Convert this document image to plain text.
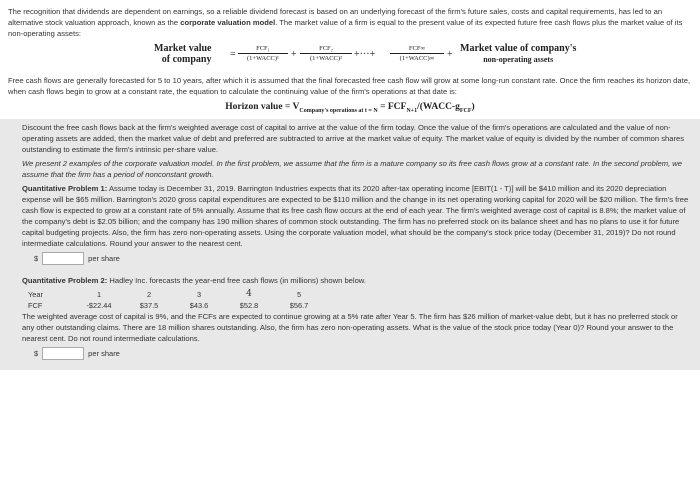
The recognition that dividends are dependent on earnings, so a reliable dividend forecast is based on an underlying forecast of the firm's future sales, costs and capital requirements, has led to an alternative stock valuation approach, known as the corporate valuation model. The market value of a firm is equal to the present value of its expected future free cash flows plus the market value of its non-operating assets:

Market value
of company =
FCF₁
(1+WACC)¹	+
FCF₂
(1+WACC)²	+···+
FCF∞
(1+WACC)∞	+
Market value of company's
non-operating assets

Free cash flows are generally forecasted for 5 to 10 years, after which it is assumed that the final forecasted free cash flow will grow at some long-run constant rate. Once the firm reaches its horizon date, when cash flows begin to grow at a constant rate, the equation to calculate the continuing value of the firm's operations at that date is:

Horizon value = $V_{Company's operations at t = N}$ = $FCF_{N+1}/(WACC-g_{FCF})$

Discount the free cash flows back at the firm's weighted average cost of capital to arrive at the value of the firm today. Once the value of the firm's operations are calculated and the value of non-operating assets are added, then the market value of debt and preferred are subtracted to arrive at the market value of equity. The market value of equity is divided by the number of common shares outstanding to estimate the firm's intrinsic per-share value.

We present 2 examples of the corporate valuation model. In the first problem, we assume that the firm is a mature company so its free cash flows grow at a constant rate. In the second problem, we assume that the firm has a period of nonconstant growth.

Quantitative Problem 1: Assume today is December 31, 2019. Barrington Industries expects that its 2020 after-tax operating income [EBIT(1 - T)] will be $410 million and its 2020 depreciation expense will be $65 million. Barrington's 2020 gross capital expenditures are expected to be $110 million and the change in its net operating working capital for 2020 will be $20 million. The firm's free cash flow is expected to grow at a constant rate of 5% annually. Assume that its free cash flow occurs at the end of each year. The firm's weighted average cost of capital is 8.8%; the market value of the company's debt is $2.05 billion; and the company has 190 million shares of common stock outstanding. The firm has no preferred stock on its balance sheet and has no plans to use it for future capital budgeting projects. Also, the firm has zero non-operating assets. Using the corporate valuation model, what should be the company's stock price today (December 31, 2019)? Do not round intermediate calculations. Round your answer to the nearest cent.

$	per share

Quantitative Problem 2: Hadley Inc. forecasts the year-end free cash flows (in millions) shown below.

Year	1	2	3	4	5
FCF	-$22.44	$37.5	$43.6	$52.8	$56.7

The weighted average cost of capital is 9%, and the FCFs are expected to continue growing at a 5% rate after Year 5. The firm has $26 million of market-value debt, but it has no preferred stock or any other outstanding claims. There are 18 million shares outstanding. Also, the firm has zero non-operating assets. What is the value of the stock price today (Year 0)? Round your answer to the nearest cent. Do not round intermediate calculations.

$	per share
